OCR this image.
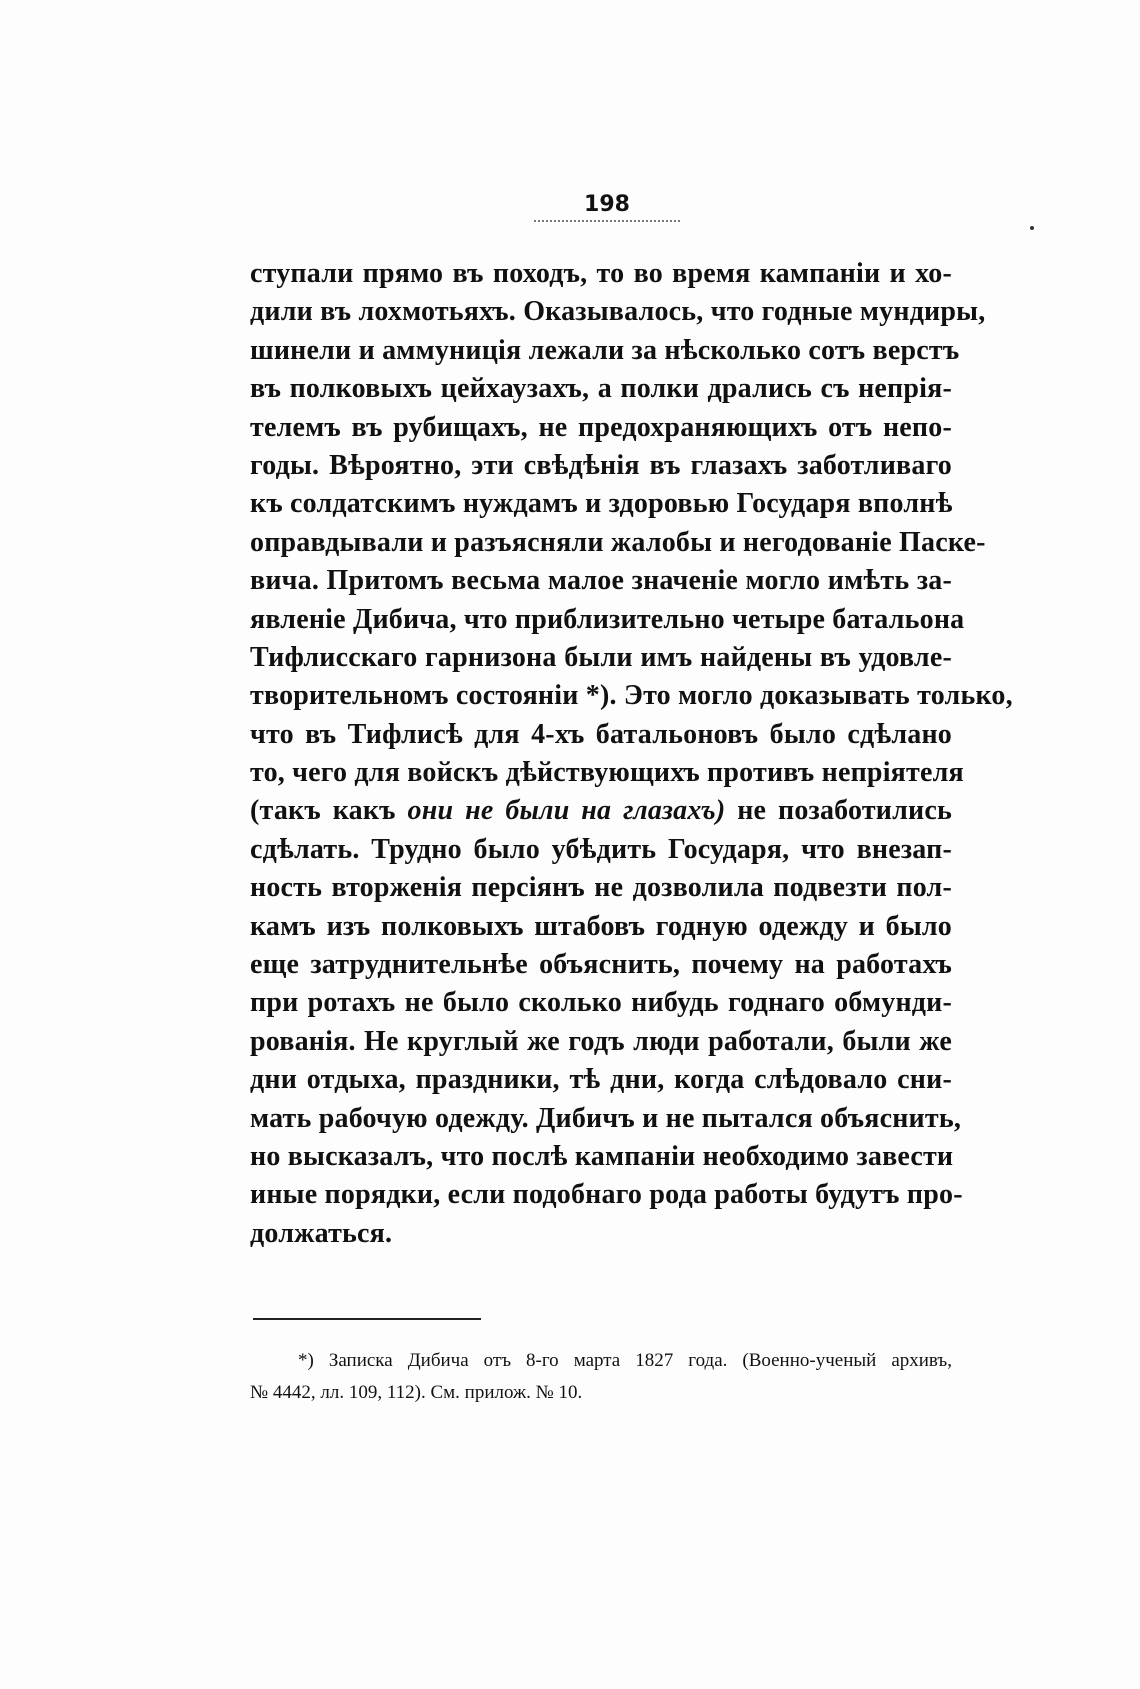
198
ступали прямо въ походъ, то во время кампаніи и хо-
дили въ лохмотьяхъ. Оказывалось, что годные мундиры,
шинели и аммуниція лежали за нѣсколько сотъ верстъ
въ полковыхъ цейхаузахъ, а полки дрались съ непрія-
телемъ въ рубищахъ, не предохраняющихъ отъ непо-
годы. Вѣроятно, эти свѣдѣнія въ глазахъ заботливаго
къ солдатскимъ нуждамъ и здоровью Государя вполнѣ
оправдывали и разъясняли жалобы и негодованіе Паске-
вича. Притомъ весьма малое значеніе могло имѣть за-
явленіе Дибича, что приблизительно четыре батальона
Тифлисскаго гарнизона были имъ найдены въ удовле-
творительномъ состояніи *). Это могло доказывать только,
что въ Тифлисѣ для 4-хъ батальоновъ было сдѣлано
то, чего для войскъ дѣйствующихъ противъ непріятеля
(такъ какъ они не были на глазахъ) не позаботились
сдѣлать. Трудно было убѣдить Государя, что внезап-
ность вторженія персіянъ не дозволила подвезти пол-
камъ изъ полковыхъ штабовъ годную одежду и было
еще затруднительнѣе объяснить, почему на работахъ
при ротахъ не было сколько нибудь годнаго обмунди-
рованія. Не круглый же годъ люди работали, были же
дни отдыха, праздники, тѣ дни, когда слѣдовало сни-
мать рабочую одежду. Дибичъ и не пытался объяснить,
но высказалъ, что послѣ кампаніи необходимо завести
иные порядки, если подобнаго рода работы будутъ про-
должаться.
*) Записка Дибича отъ 8-го марта 1827 года. (Военно-ученый архивъ,
№ 4442, лл. 109, 112). См. прилож. № 10.
